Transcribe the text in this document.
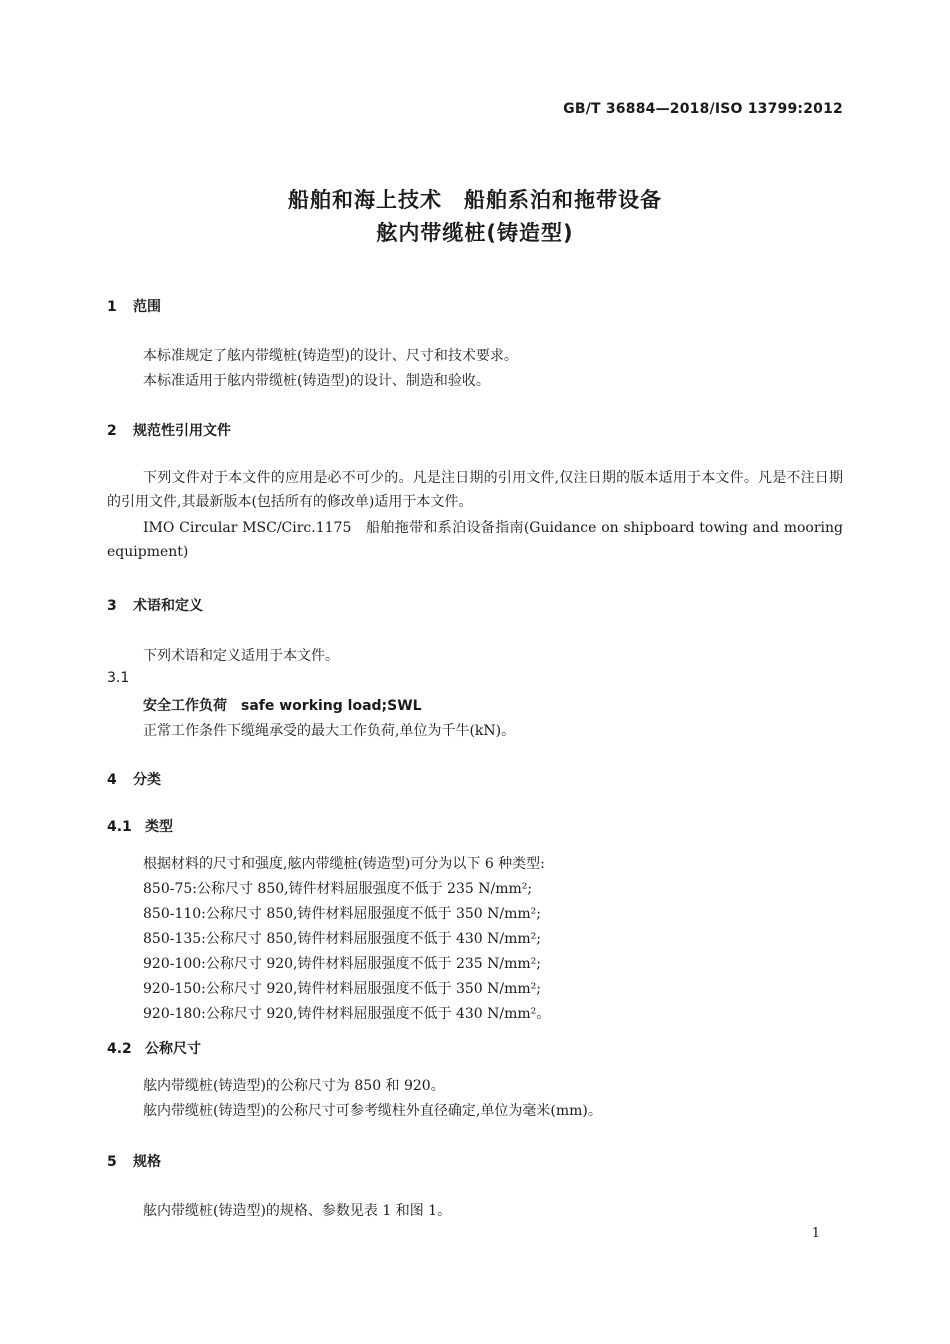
GB/T 36884—2018/ISO 13799:2012
船舶和海上技术　船舶系泊和拖带设备
舷内带缆桩(铸造型)
1 范围
本标准规定了舷内带缆桩(铸造型)的设计、尺寸和技术要求。
本标准适用于舷内带缆桩(铸造型)的设计、制造和验收。
2 规范性引用文件
下列文件对于本文件的应用是必不可少的。凡是注日期的引用文件,仅注日期的版本适用于本文件。凡是不注日期的引用文件,其最新版本(包括所有的修改单)适用于本文件。
IMO Circular MSC/Circ.1175　船舶拖带和系泊设备指南(Guidance on shipboard towing and mooring equipment)
3 术语和定义
下列术语和定义适用于本文件。
3.1
安全工作负荷　safe working load;SWL
正常工作条件下缆绳承受的最大工作负荷,单位为千牛(kN)。
4 分类
4.1 类型
根据材料的尺寸和强度,舷内带缆桩(铸造型)可分为以下 6 种类型:
850-75:公称尺寸 850,铸件材料屈服强度不低于 235 N/mm²;
850-110:公称尺寸 850,铸件材料屈服强度不低于 350 N/mm²;
850-135:公称尺寸 850,铸件材料屈服强度不低于 430 N/mm²;
920-100:公称尺寸 920,铸件材料屈服强度不低于 235 N/mm²;
920-150:公称尺寸 920,铸件材料屈服强度不低于 350 N/mm²;
920-180:公称尺寸 920,铸件材料屈服强度不低于 430 N/mm²。
4.2 公称尺寸
舷内带缆桩(铸造型)的公称尺寸为 850 和 920。
舷内带缆桩(铸造型)的公称尺寸可参考缆柱外直径确定,单位为毫米(mm)。
5 规格
舷内带缆桩(铸造型)的规格、参数见表 1 和图 1。
1
